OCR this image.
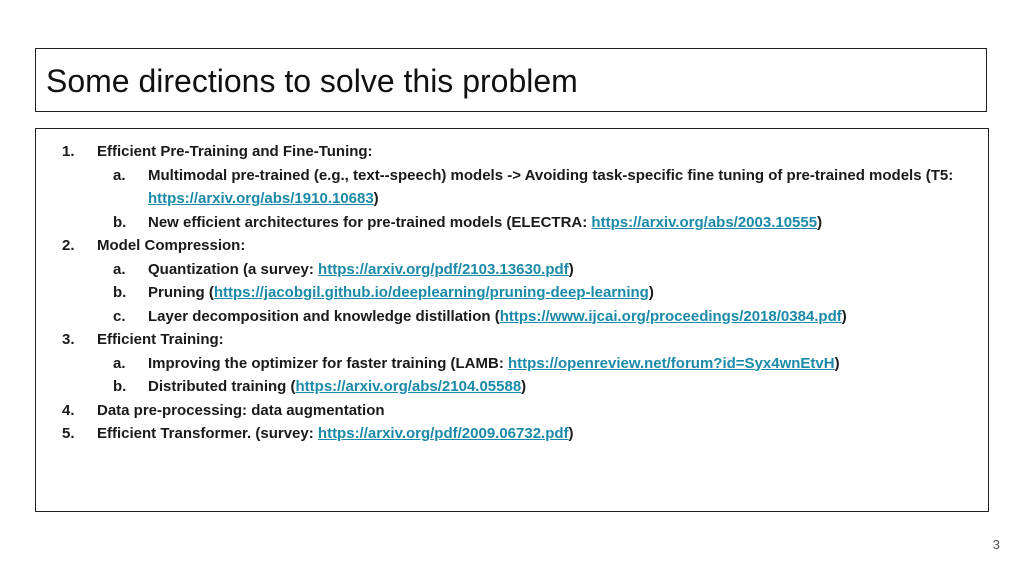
Some directions to solve this problem
1. Efficient Pre-Training and Fine-Tuning:
a. Multimodal pre-trained (e.g., text--speech) models -> Avoiding task-specific fine tuning of pre-trained models (T5: https://arxiv.org/abs/1910.10683)
b. New efficient architectures for pre-trained models (ELECTRA: https://arxiv.org/abs/2003.10555)
2. Model Compression:
a. Quantization (a survey: https://arxiv.org/pdf/2103.13630.pdf)
b. Pruning (https://jacobgil.github.io/deeplearning/pruning-deep-learning)
c. Layer decomposition and knowledge distillation (https://www.ijcai.org/proceedings/2018/0384.pdf)
3. Efficient Training:
a. Improving the optimizer for faster training (LAMB: https://openreview.net/forum?id=Syx4wnEtvH)
b. Distributed training (https://arxiv.org/abs/2104.05588)
4. Data pre-processing: data augmentation
5. Efficient Transformer. (survey: https://arxiv.org/pdf/2009.06732.pdf)
3
